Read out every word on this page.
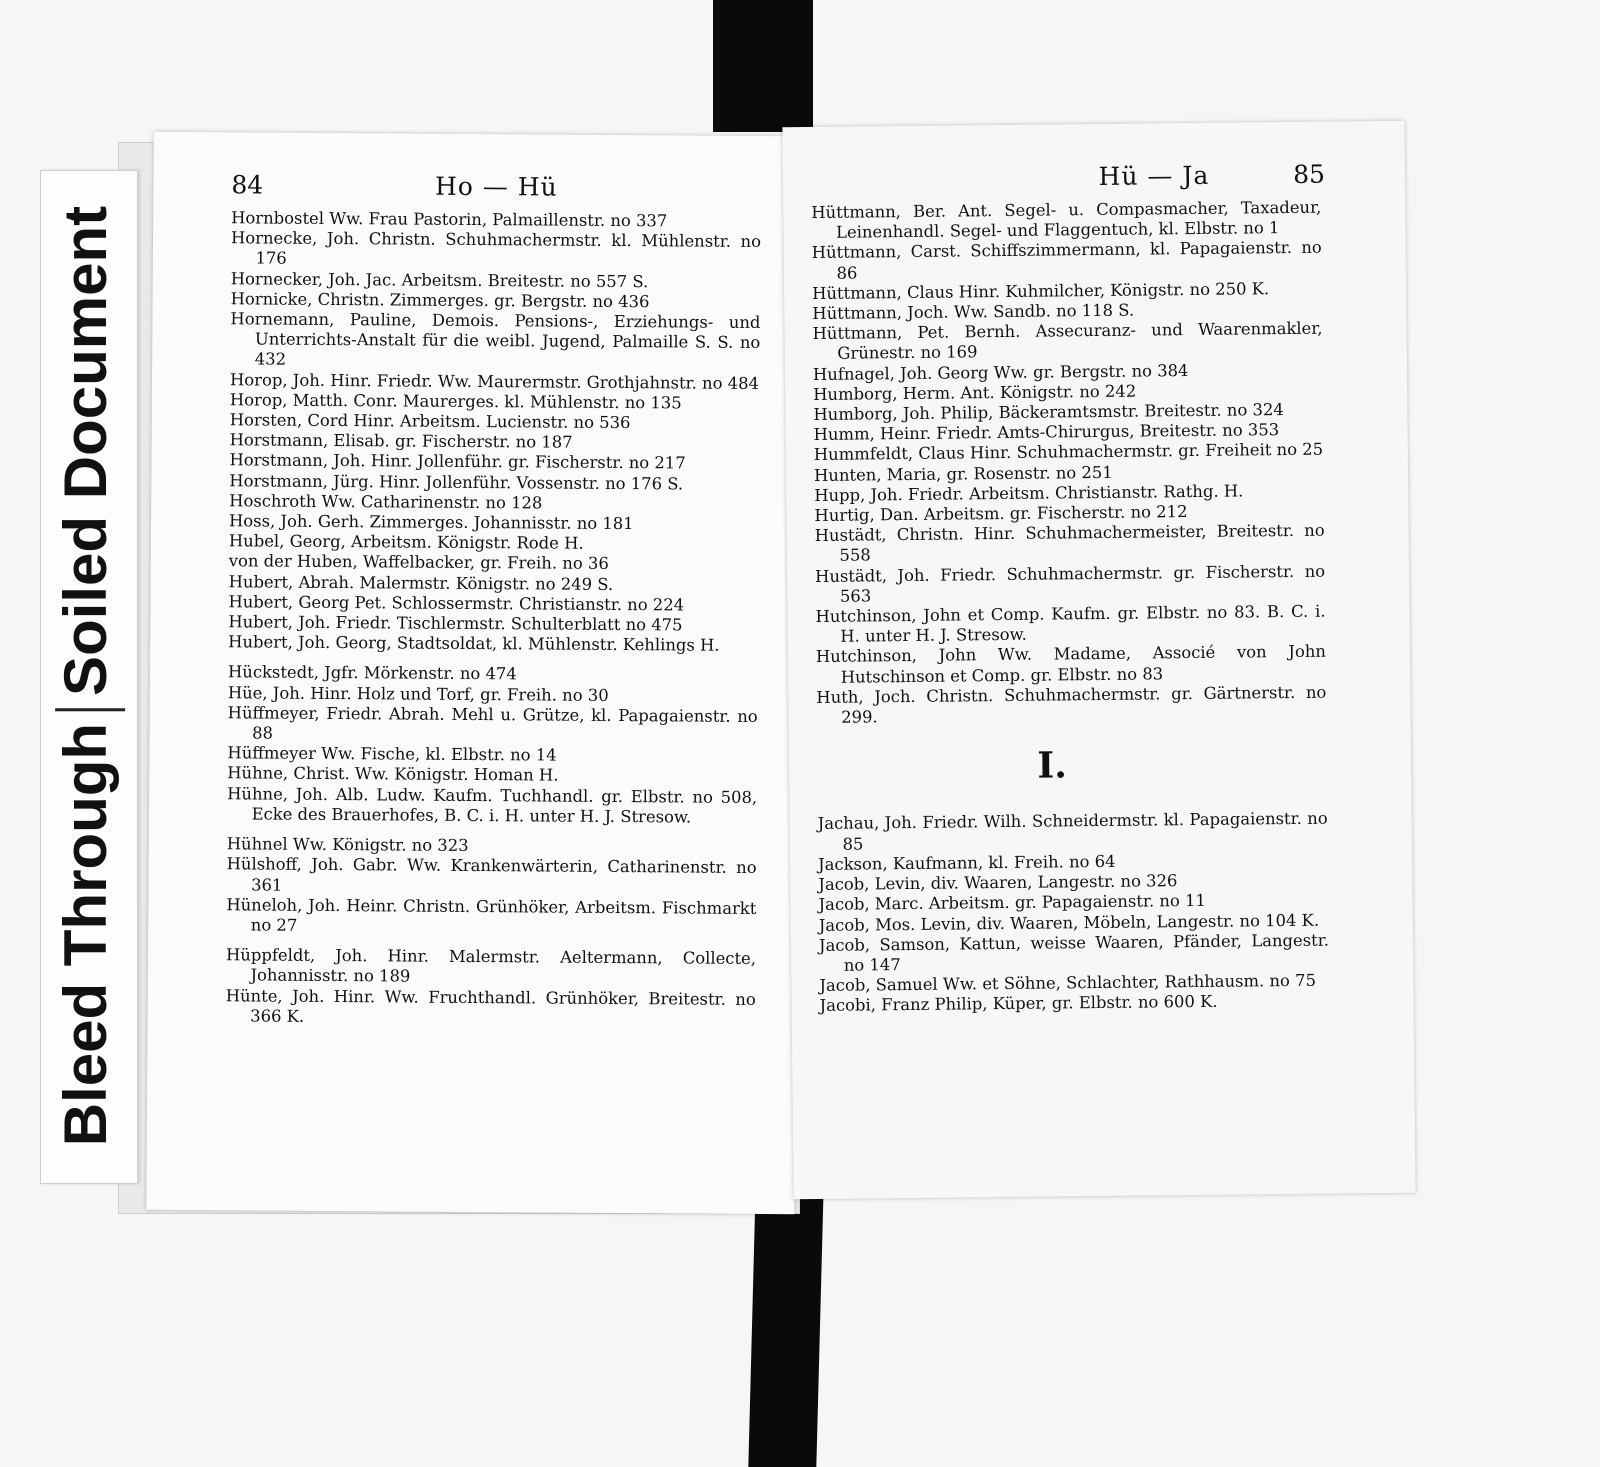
Bleed ThroughSoiled Document
84	Ho — Hü

Hornbostel Ww. Frau Pastorin, Palmaillenstr. no 337

Hornecke, Joh. Christn. Schuhmachermstr. kl. Mühlenstr. no 176

Hornecker, Joh. Jac. Arbeitsm. Breitestr. no 557 S.

Hornicke, Christn. Zimmerges. gr. Bergstr. no 436

Hornemann, Pauline, Demois. Pensions-, Erziehungs- und Unterrichts-Anstalt für die weibl. Jugend, Palmaille S. S. no 432

Horop, Joh. Hinr. Friedr. Ww. Maurermstr. Grothjahnstr. no 484

Horop, Matth. Conr. Maurerges. kl. Mühlenstr. no 135

Horsten, Cord Hinr. Arbeitsm. Lucienstr. no 536

Horstmann, Elisab. gr. Fischerstr. no 187

Horstmann, Joh. Hinr. Jollenführ. gr. Fischerstr. no 217

Horstmann, Jürg. Hinr. Jollenführ. Vossenstr. no 176 S.

Hoschroth Ww. Catharinenstr. no 128

Hoss, Joh. Gerh. Zimmerges. Johannisstr. no 181

Hubel, Georg, Arbeitsm. Königstr. Rode H.

von der Huben, Waffelbacker, gr. Freih. no 36

Hubert, Abrah. Malermstr. Königstr. no 249 S.

Hubert, Georg Pet. Schlossermstr. Christianstr. no 224

Hubert, Joh. Friedr. Tischlermstr. Schulterblatt no 475

Hubert, Joh. Georg, Stadtsoldat, kl. Mühlenstr. Kehlings H.

Hückstedt, Jgfr. Mörkenstr. no 474

Hüe, Joh. Hinr. Holz und Torf, gr. Freih. no 30

Hüffmeyer, Friedr. Abrah. Mehl u. Grütze, kl. Papagaienstr. no 88

Hüffmeyer Ww. Fische, kl. Elbstr. no 14

Hühne, Christ. Ww. Königstr. Homan H.

Hühne, Joh. Alb. Ludw. Kaufm. Tuchhandl. gr. Elbstr. no 508, Ecke des Brauerhofes, B. C. i. H. unter H. J. Stresow.

Hühnel Ww. Königstr. no 323

Hülshoff, Joh. Gabr. Ww. Krankenwärterin, Catharinenstr. no 361

Hüneloh, Joh. Heinr. Christn. Grünhöker, Arbeitsm. Fischmarkt no 27

Hüppfeldt, Joh. Hinr. Malermstr. Aeltermann, Collecte, Johannisstr. no 189

Hünte, Joh. Hinr. Ww. Fruchthandl. Grünhöker, Breitestr. no 366 K.

Hü — Ja	85

Hüttmann, Ber. Ant. Segel- u. Compasmacher, Taxadeur, Leinenhandl. Segel- und Flaggentuch, kl. Elbstr. no 1

Hüttmann, Carst. Schiffszimmermann, kl. Papagaienstr. no 86

Hüttmann, Claus Hinr. Kuhmilcher, Königstr. no 250 K.

Hüttmann, Joch. Ww. Sandb. no 118 S.

Hüttmann, Pet. Bernh. Assecuranz- und Waarenmakler, Grünestr. no 169

Hufnagel, Joh. Georg Ww. gr. Bergstr. no 384

Humborg, Herm. Ant. Königstr. no 242

Humborg, Joh. Philip, Bäckeramtsmstr. Breitestr. no 324

Humm, Heinr. Friedr. Amts-Chirurgus, Breitestr. no 353

Hummfeldt, Claus Hinr. Schuhmachermstr. gr. Freiheit no 25

Hunten, Maria, gr. Rosenstr. no 251

Hupp, Joh. Friedr. Arbeitsm. Christianstr. Rathg. H.

Hurtig, Dan. Arbeitsm. gr. Fischerstr. no 212

Hustädt, Christn. Hinr. Schuhmachermeister, Breitestr. no 558

Hustädt, Joh. Friedr. Schuhmachermstr. gr. Fischerstr. no 563

Hutchinson, John et Comp. Kaufm. gr. Elbstr. no 83. B. C. i. H. unter H. J. Stresow.

Hutchinson, John Ww. Madame, Associé von John Hutschinson et Comp. gr. Elbstr. no 83

Huth, Joch. Christn. Schuhmachermstr. gr. Gärtnerstr. no 299.

I.

Jachau, Joh. Friedr. Wilh. Schneidermstr. kl. Papagaienstr. no 85

Jackson, Kaufmann, kl. Freih. no 64

Jacob, Levin, div. Waaren, Langestr. no 326

Jacob, Marc. Arbeitsm. gr. Papagaienstr. no 11

Jacob, Mos. Levin, div. Waaren, Möbeln, Langestr. no 104 K.

Jacob, Samson, Kattun, weisse Waaren, Pfänder, Langestr. no 147

Jacob, Samuel Ww. et Söhne, Schlachter, Rathhausm. no 75

Jacobi, Franz Philip, Küper, gr. Elbstr. no 600 K.
